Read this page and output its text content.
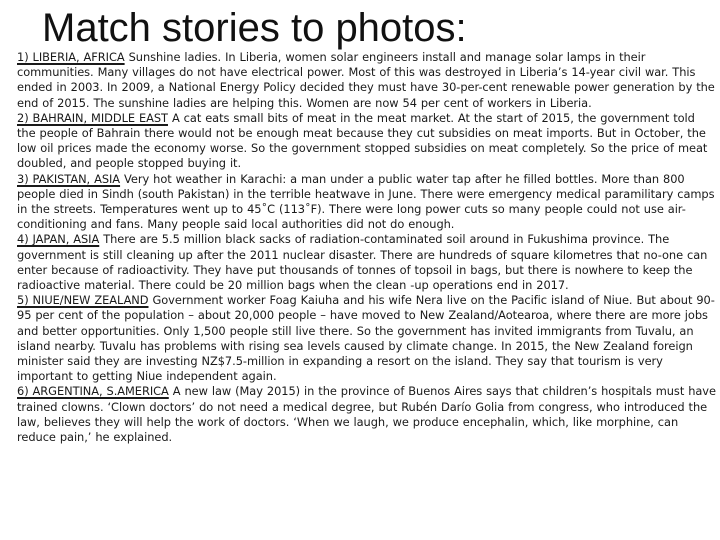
Match stories to photos:

1) LIBERIA, AFRICA Sunshine ladies. In Liberia, women solar engineers install and manage solar lamps in their communities. Many villages do not have electrical power. Most of this was destroyed in Liberia’s 14-year civil war. This ended in 2003. In 2009, a National Energy Policy decided they must have 30-per-cent renewable power generation by the end of 2015. The sunshine ladies are helping this. Women are now 54 per cent of workers in Liberia.

2) BAHRAIN, MIDDLE EAST A cat eats small bits of meat in the meat market. At the start of 2015, the government told the people of Bahrain there would not be enough meat because they cut subsidies on meat imports. But in October, the low oil prices made the economy worse. So the government stopped subsidies on meat completely. So the price of meat doubled, and people stopped buying it.

3) PAKISTAN, ASIA Very hot weather in Karachi: a man under a public water tap after he filled bottles. More than 800 people died in Sindh (south Pakistan) in the terrible heatwave in June. There were emergency medical paramilitary camps in the streets. Temperatures went up to 45˚C (113˚F). There were long power cuts so many people could not use air-conditioning and fans. Many people said local authorities did not do enough.

4) JAPAN, ASIA There are 5.5 million black sacks of radiation-contaminated soil around in Fukushima province. The government is still cleaning up after the 2011 nuclear disaster. There are hundreds of square kilometres that no-one can enter because of radioactivity. They have put thousands of tonnes of topsoil in bags, but there is nowhere to keep the radioactive material. There could be 20 million bags when the clean -up operations end in 2017.

5) NIUE/NEW ZEALAND Government worker Foag Kaiuha and his wife Nera live on the Pacific island of Niue. But about 90-95 per cent of the population – about 20,000 people – have moved to New Zealand/Aotearoa, where there are more jobs and better opportunities. Only 1,500 people still live there. So the government has invited immigrants from Tuvalu, an island nearby. Tuvalu has problems with rising sea levels caused by climate change. In 2015, the New Zealand foreign minister said they are investing NZ$7.5-million in expanding a resort on the island. They say that tourism is very important to getting Niue independent again.

6) ARGENTINA, S.AMERICA A new law (May 2015) in the province of Buenos Aires says that children’s hospitals must have trained clowns. ‘Clown doctors’ do not need a medical degree, but Rubén Darío Golia from congress, who introduced the law, believes they will help the work of doctors. ‘When we laugh, we produce encephalin, which, like morphine, can reduce pain,’ he explained.
